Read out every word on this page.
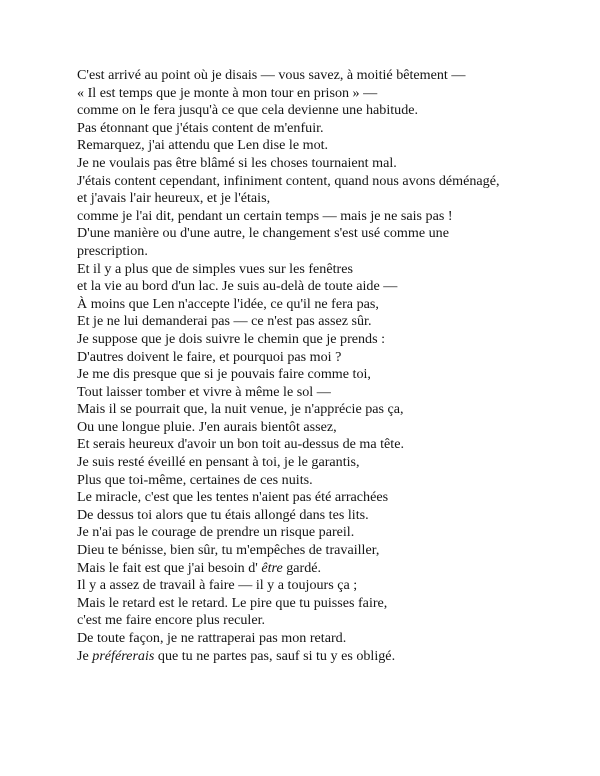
C'est arrivé au point où je disais — vous savez, à moitié bêtement —
« Il est temps que je monte à mon tour en prison » —
comme on le fera jusqu'à ce que cela devienne une habitude.
Pas étonnant que j'étais content de m'enfuir.
Remarquez, j'ai attendu que Len dise le mot.
Je ne voulais pas être blâmé si les choses tournaient mal.
J'étais content cependant, infiniment content, quand nous avons déménagé,
et j'avais l'air heureux, et je l'étais,
comme je l'ai dit, pendant un certain temps — mais je ne sais pas !
D'une manière ou d'une autre, le changement s'est usé comme une
prescription.
Et il y a plus que de simples vues sur les fenêtres
et la vie au bord d'un lac. Je suis au-delà de toute aide —
À moins que Len n'accepte l'idée, ce qu'il ne fera pas,
Et je ne lui demanderai pas — ce n'est pas assez sûr.
Je suppose que je dois suivre le chemin que je prends :
D'autres doivent le faire, et pourquoi pas moi ?
Je me dis presque que si je pouvais faire comme toi,
Tout laisser tomber et vivre à même le sol —
Mais il se pourrait que, la nuit venue, je n'apprécie pas ça,
Ou une longue pluie. J'en aurais bientôt assez,
Et serais heureux d'avoir un bon toit au-dessus de ma tête.
Je suis resté éveillé en pensant à toi, je le garantis,
Plus que toi-même, certaines de ces nuits.
Le miracle, c'est que les tentes n'aient pas été arrachées
De dessus toi alors que tu étais allongé dans tes lits.
Je n'ai pas le courage de prendre un risque pareil.
Dieu te bénisse, bien sûr, tu m'empêches de travailler,
Mais le fait est que j'ai besoin d' être gardé.
Il y a assez de travail à faire — il y a toujours ça ;
Mais le retard est le retard. Le pire que tu puisses faire,
c'est me faire encore plus reculer.
De toute façon, je ne rattraperai pas mon retard.
Je préférerais que tu ne partes pas, sauf si tu y es obligé.
